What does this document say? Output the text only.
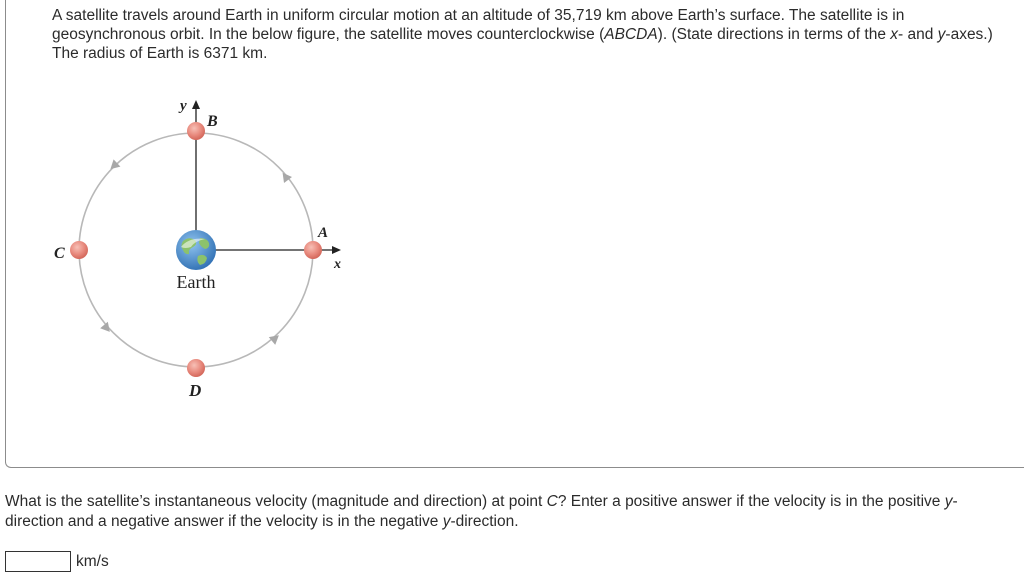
A satellite travels around Earth in uniform circular motion at an altitude of 35,719 km above Earth’s surface. The satellite is in geosynchronous orbit. In the below figure, the satellite moves counterclockwise (ABCDA). (State directions in terms of the x- and y-axes.) The radius of Earth is 6371 km.

Earth
B
A
C
D
x
y

What is the satellite’s instantaneous velocity (magnitude and direction) at point C? Enter a positive answer if the velocity is in the positive y-direction and a negative answer if the velocity is in the negative y-direction.

km/s
